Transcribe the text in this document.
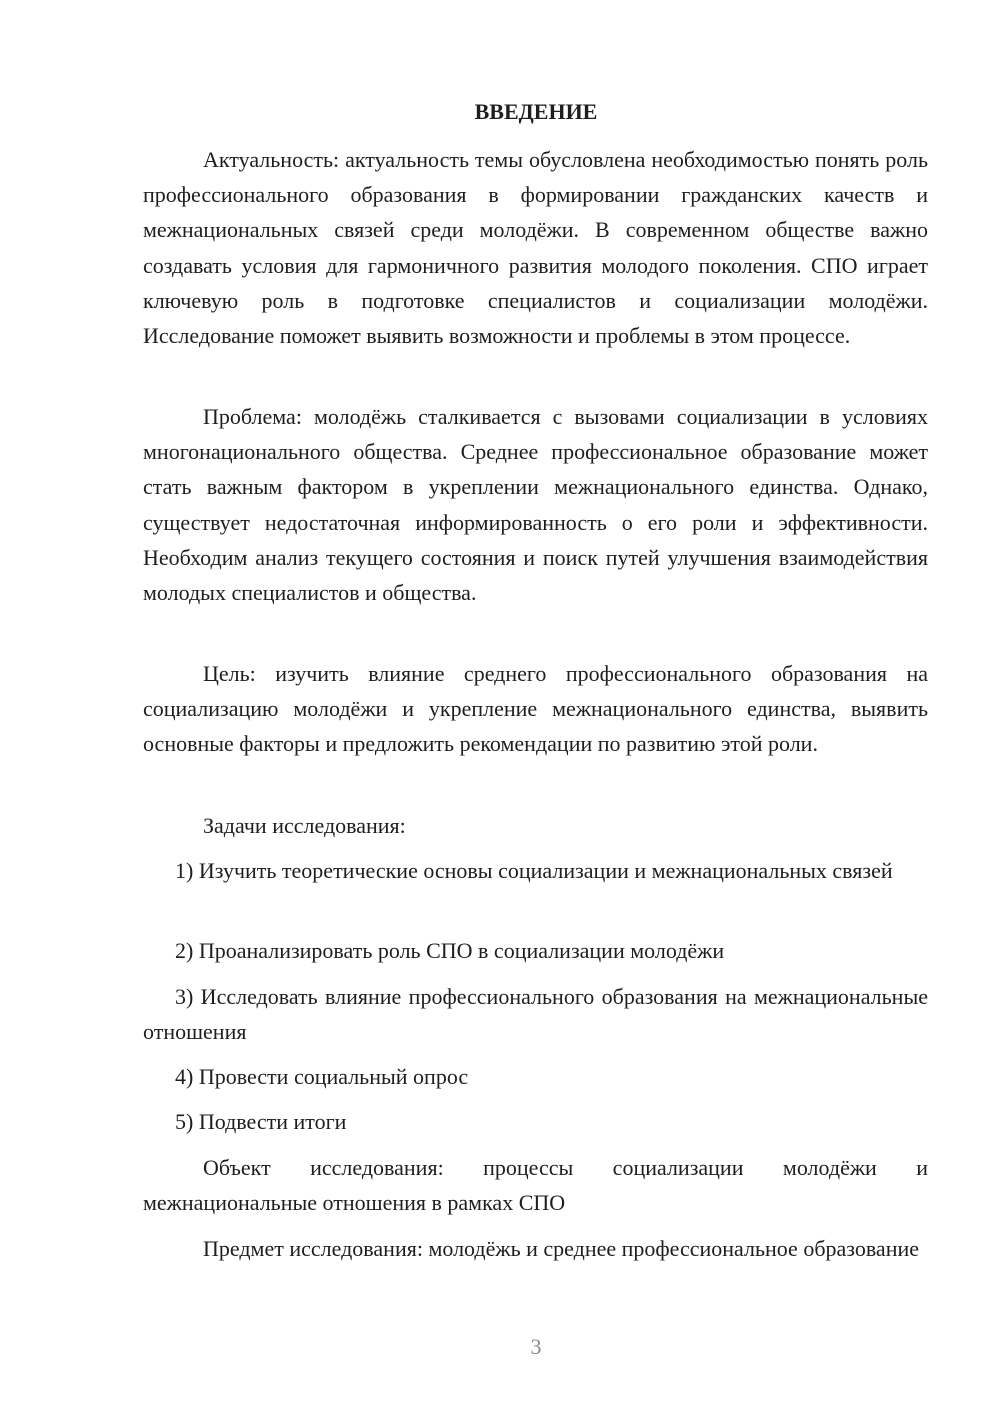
ВВЕДЕНИЕ

Актуальность: актуальность темы обусловлена необходимостью понять роль профессионального образования в формировании гражданских качеств и межнациональных связей среди молодёжи. В современном обществе важно создавать условия для гармоничного развития молодого поколения. СПО играет ключевую роль в подготовке специалистов и социализации молодёжи. Исследование поможет выявить возможности и проблемы в этом процессе.

Проблема: молодёжь сталкивается с вызовами социализации в условиях многонационального общества. Среднее профессиональное образование может стать важным фактором в укреплении межнационального единства. Однако, существует недостаточная информированность о его роли и эффективности. Необходим анализ текущего состояния и поиск путей улучшения взаимодействия молодых специалистов и общества.

Цель: изучить влияние среднего профессионального образования на социализацию молодёжи и укрепление межнационального единства, выявить основные факторы и предложить рекомендации по развитию этой роли.

Задачи исследования:

1) Изучить теоретические основы социализации и межнациональных связей

2) Проанализировать роль СПО в социализации молодёжи

3) Исследовать влияние профессионального образования на межнациональные отношения

4) Провести социальный опрос

5) Подвести итоги

Объект исследования: процессы социализации молодёжи и межнациональные отношения в рамках СПО

Предмет исследования: молодёжь и среднее профессиональное образование

3
